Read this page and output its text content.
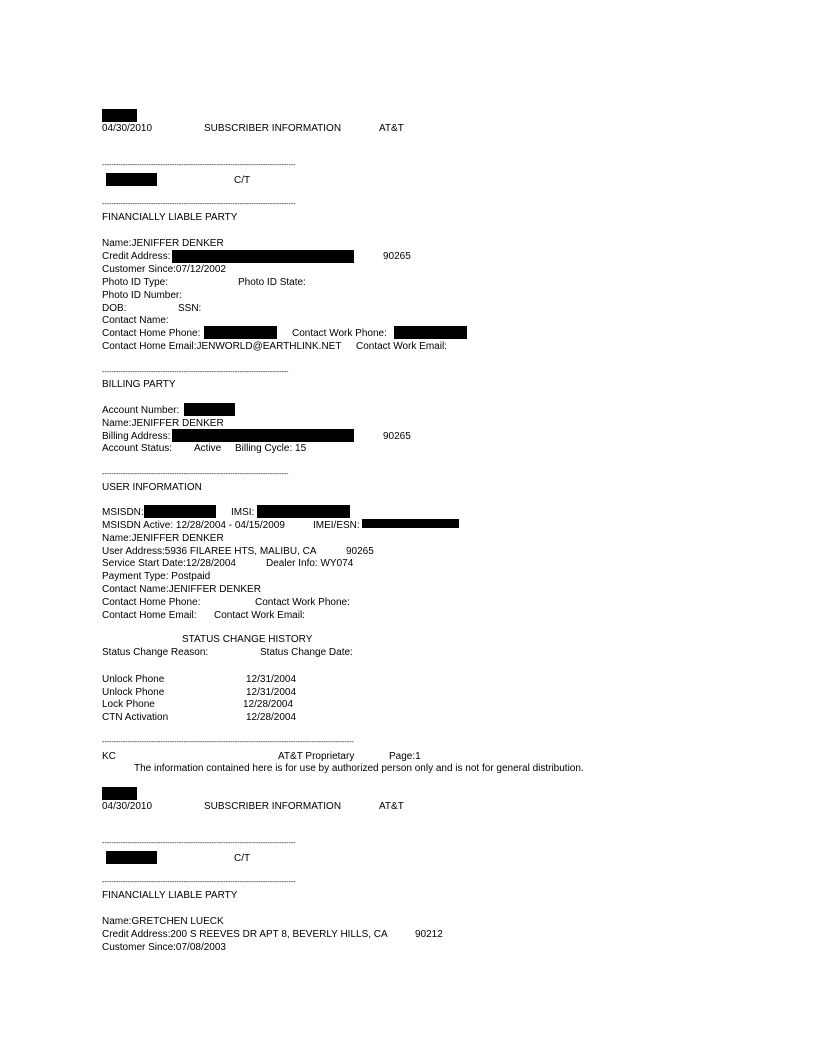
04/30/2010	SUBSCRIBER INFORMATION	AT&T
-----------------------------------------------------------------------------------
C/T
-----------------------------------------------------------------------------------
FINANCIALLY LIABLE PARTY
Name:JENIFFER DENKER
Credit Address:	90265
Customer Since:07/12/2002
Photo ID Type:	Photo ID State:
Photo ID Number:
DOB:	SSN:
Contact Name:
Contact Home Phone:	Contact Work Phone:
Contact Home Email:JENWORLD@EARTHLINK.NET Contact Work Email:
--------------------------------------------------------------------------------
BILLING PARTY
Account Number:
Name:JENIFFER DENKER
Billing Address:	90265
Account Status: Active Billing Cycle: 15
--------------------------------------------------------------------------------
USER INFORMATION
MSISDN:	IMSI:
MSISDN Active: 12/28/2004 - 04/15/2009	IMEI/ESN:
Name:JENIFFER DENKER
User Address:5936 FILAREE HTS, MALIBU, CA	90265
Service Start Date:12/28/2004	Dealer Info: WY074
Payment Type: Postpaid
Contact Name:JENIFFER DENKER
Contact Home Phone:	Contact Work Phone:
Contact Home Email: Contact Work Email:
STATUS CHANGE HISTORY
Status Change Reason:	Status Change Date:
Unlock Phone	12/31/2004
Unlock Phone	12/31/2004
Lock Phone	12/28/2004
CTN Activation	12/28/2004
------------------------------------------------------------------------------------------------------------
KC	AT&T Proprietary	Page:1
The information contained here is for use by authorized person only and is not for general distribution.
04/30/2010	SUBSCRIBER INFORMATION	AT&T
-----------------------------------------------------------------------------------
C/T
-----------------------------------------------------------------------------------
FINANCIALLY LIABLE PARTY
Name:GRETCHEN LUECK
Credit Address:200 S REEVES DR APT 8, BEVERLY HILLS, CA	90212
Customer Since:07/08/2003
